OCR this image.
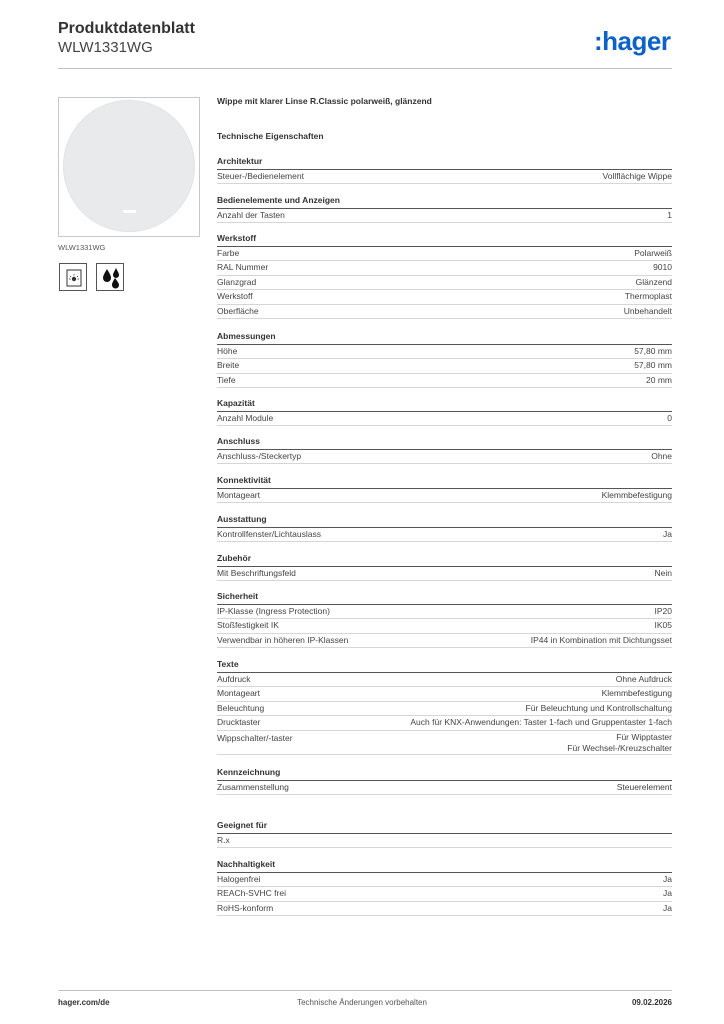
Produktdatenblatt
WLW1331WG	:hager
WLW1331WG
Wippe mit klarer Linse R.Classic polarweiß, glänzend
Technische Eigenschaften
Architektur
Steuer-/Bedienelement	Vollflächige Wippe
Bedienelemente und Anzeigen
Anzahl der Tasten	1
Werkstoff
Farbe	Polarweiß
RAL Nummer	9010
Glanzgrad	Glänzend
Werkstoff	Thermoplast
Oberfläche	Unbehandelt
Abmessungen
Höhe	57,80 mm
Breite	57,80 mm
Tiefe	20 mm
Kapazität
Anzahl Module	0
Anschluss
Anschluss-/Steckertyp	Ohne
Konnektivität
Montageart	Klemmbefestigung
Ausstattung
Kontrollfenster/Lichtauslass	Ja
Zubehör
Mit Beschriftungsfeld	Nein
Sicherheit
IP-Klasse (Ingress Protection)	IP20
Stoßfestigkeit IK	IK05
Verwendbar in höheren IP-Klassen	IP44 in Kombination mit Dichtungsset
Texte
Aufdruck	Ohne Aufdruck
Montageart	Klemmbefestigung
Beleuchtung	Für Beleuchtung und Kontrollschaltung
Drucktaster	Auch für KNX-Anwendungen: Taster 1-fach und Gruppentaster 1-fach
Wippschalter/-taster	Für Wipptaster
Für Wechsel-/Kreuzschalter
Kennzeichnung
Zusammenstellung	Steuerelement
Geeignet für
R.x
Nachhaltigkeit
Halogenfrei	Ja
REACh-SVHC frei	Ja
RoHS-konform	Ja
hager.com/de	Technische Änderungen vorbehalten	09.02.2026
